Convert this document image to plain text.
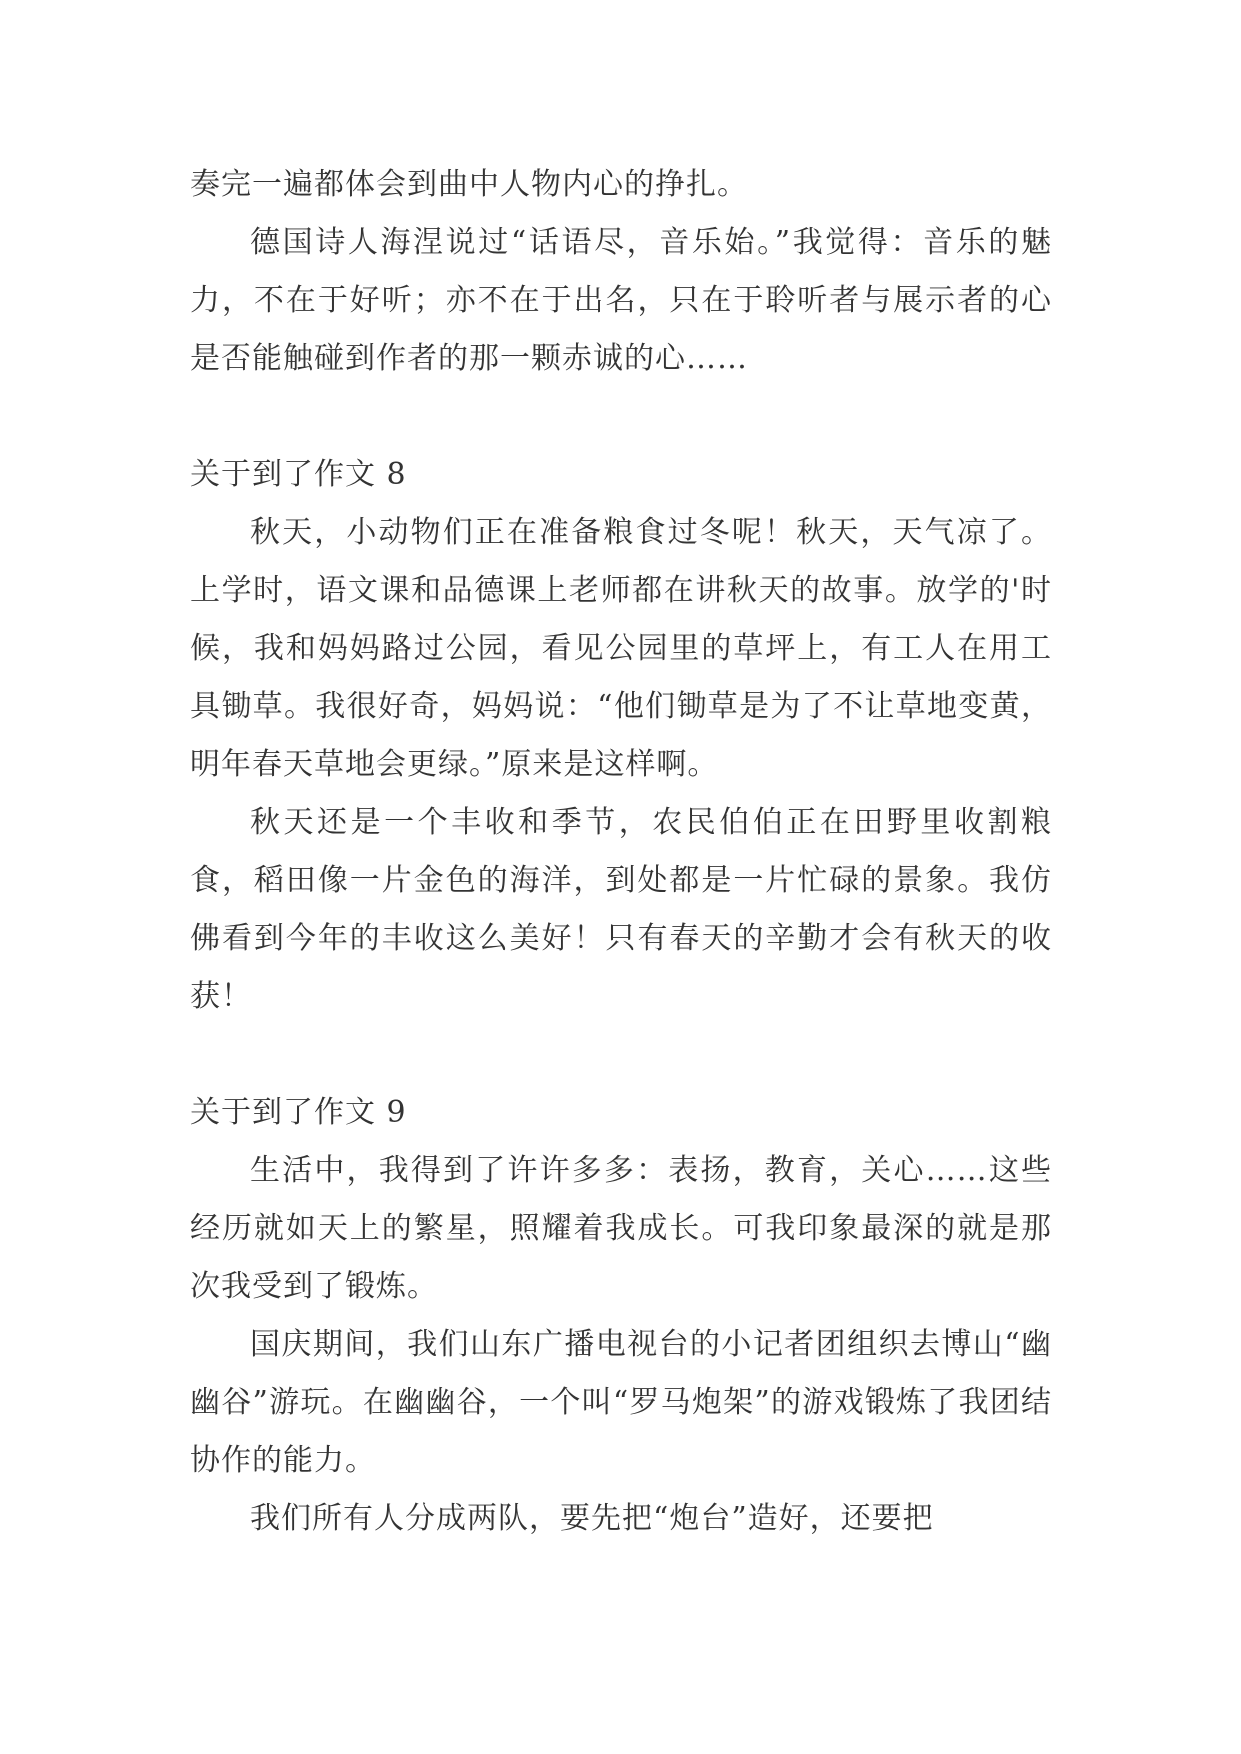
奏完一遍都体会到曲中人物内心的挣扎。

德国诗人海涅说过“话语尽，音乐始。”我觉得：音乐的魅力，不在于好听；亦不在于出名，只在于聆听者与展示者的心是否能触碰到作者的那一颗赤诚的心……

关于到了作文 8

秋天，小动物们正在准备粮食过冬呢！秋天，天气凉了。上学时，语文课和品德课上老师都在讲秋天的故事。放学的'时候，我和妈妈路过公园，看见公园里的草坪上，有工人在用工具锄草。我很好奇，妈妈说：“他们锄草是为了不让草地变黄，明年春天草地会更绿。”原来是这样啊。

秋天还是一个丰收和季节，农民伯伯正在田野里收割粮食，稻田像一片金色的海洋，到处都是一片忙碌的景象。我仿佛看到今年的丰收这么美好！只有春天的辛勤才会有秋天的收获！

关于到了作文 9

生活中，我得到了许许多多：表扬，教育，关心……这些经历就如天上的繁星，照耀着我成长。可我印象最深的就是那次我受到了锻炼。

国庆期间，我们山东广播电视台的小记者团组织去博山“幽幽谷”游玩。在幽幽谷，一个叫“罗马炮架”的游戏锻炼了我团结协作的能力。

我们所有人分成两队，要先把“炮台”造好，还要把
